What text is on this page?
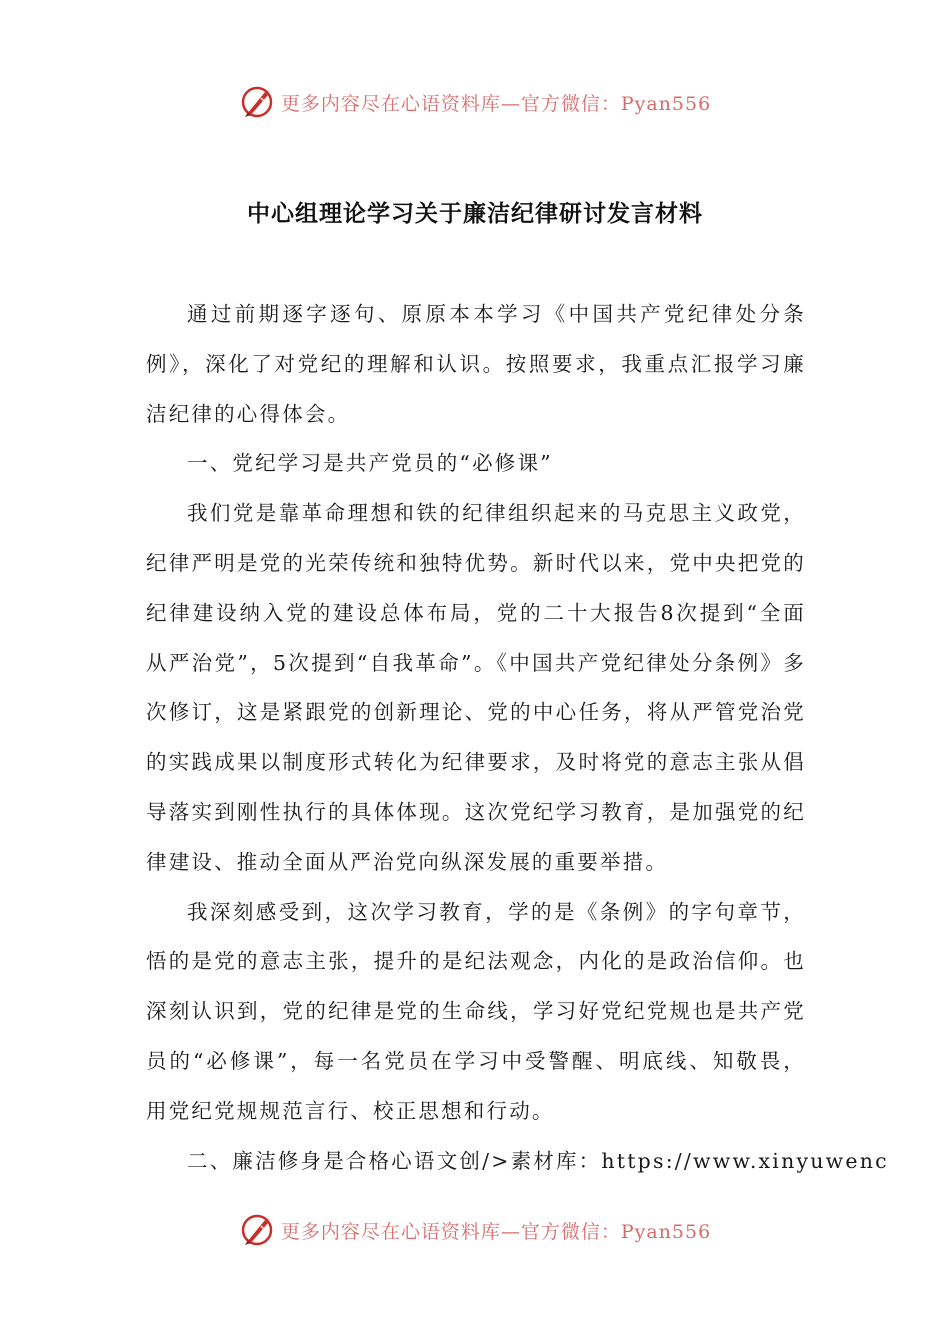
更多内容尽在心语资料库—官方微信：Pyan556
中心组理论学习关于廉洁纪律研讨发言材料

通过前期逐字逐句、原原本本学习《中国共产党纪律处分条例》，深化了对党纪的理解和认识。按照要求，我重点汇报学习廉洁纪律的心得体会。

一、党纪学习是共产党员的“必修课”

我们党是靠革命理想和铁的纪律组织起来的马克思主义政党，纪律严明是党的光荣传统和独特优势。新时代以来，党中央把党的纪律建设纳入党的建设总体布局，党的二十大报告8次提到“全面从严治党”，5次提到“自我革命”。《中国共产党纪律处分条例》多次修订，这是紧跟党的创新理论、党的中心任务，将从严管党治党的实践成果以制度形式转化为纪律要求，及时将党的意志主张从倡导落实到刚性执行的具体体现。这次党纪学习教育，是加强党的纪律建设、推动全面从严治党向纵深发展的重要举措。

我深刻感受到，这次学习教育，学的是《条例》的字句章节，悟的是党的意志主张，提升的是纪法观念，内化的是政治信仰。也深刻认识到，党的纪律是党的生命线，学习好党纪党规也是共产党员的“必修课”，每一名党员在学习中受警醒、明底线、知敬畏，用党纪党规规范言行、校正思想和行动。

二、廉洁修身是合格心语文创/>素材库：https://www.xinyuwenc

更多内容尽在心语资料库—官方微信：Pyan556
